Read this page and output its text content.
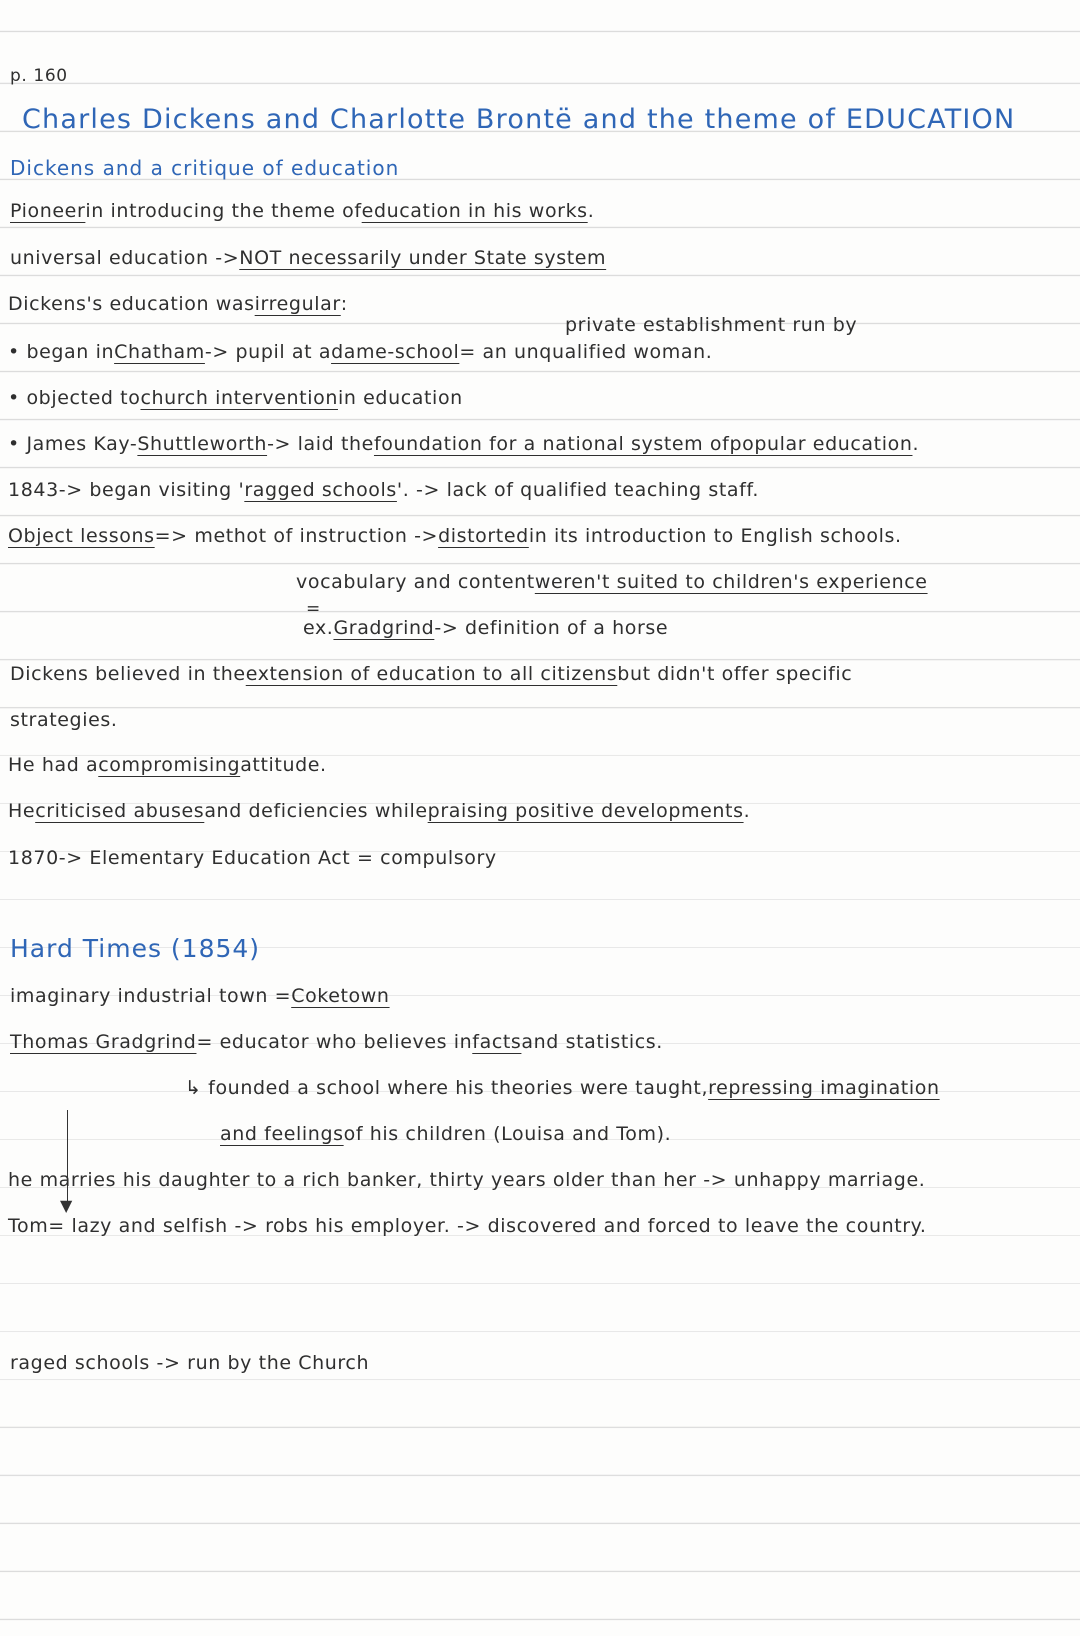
p. 160
Charles Dickens and Charlotte Brontë and the theme of EDUCATION
Dickens and a critique of education
Pioneerin introducing the theme ofeducation in his works.
universal education ->NOT necessarily under State system
Dickens's education wasirregular:
private establishment run by
• began inChatham-> pupil at adame-school= an unqualified woman.
• objected tochurch interventionin education
• James Kay-Shuttleworth-> laid thefoundation for a national system ofpopular education.
1843-> began visiting 'ragged schools'. -> lack of qualified teaching staff.
Object lessons=> methot of instruction ->distortedin its introduction to English schools.
vocabulary and contentweren't suited to children's experience
=
ex.Gradgrind-> definition of a horse
Dickens believed in theextension of education to all citizensbut didn't offer specific
strategies.
He had acompromisingattitude.
Hecriticised abusesand deficiencies whilepraising positive developments.
1870-> Elementary Education Act = compulsory
Hard Times (1854)
imaginary industrial town =Coketown
Thomas Gradgrind= educator who believes infactsand statistics.
▼
↳ founded a school where his theories were taught,repressing imagination
and feelingsof his children (Louisa and Tom).
he marries his daughter to a rich banker, thirty years older than her -> unhappy marriage.
Tom= lazy and selfish -> robs his employer. -> discovered and forced to leave the country.
raged schools -> run by the Church
